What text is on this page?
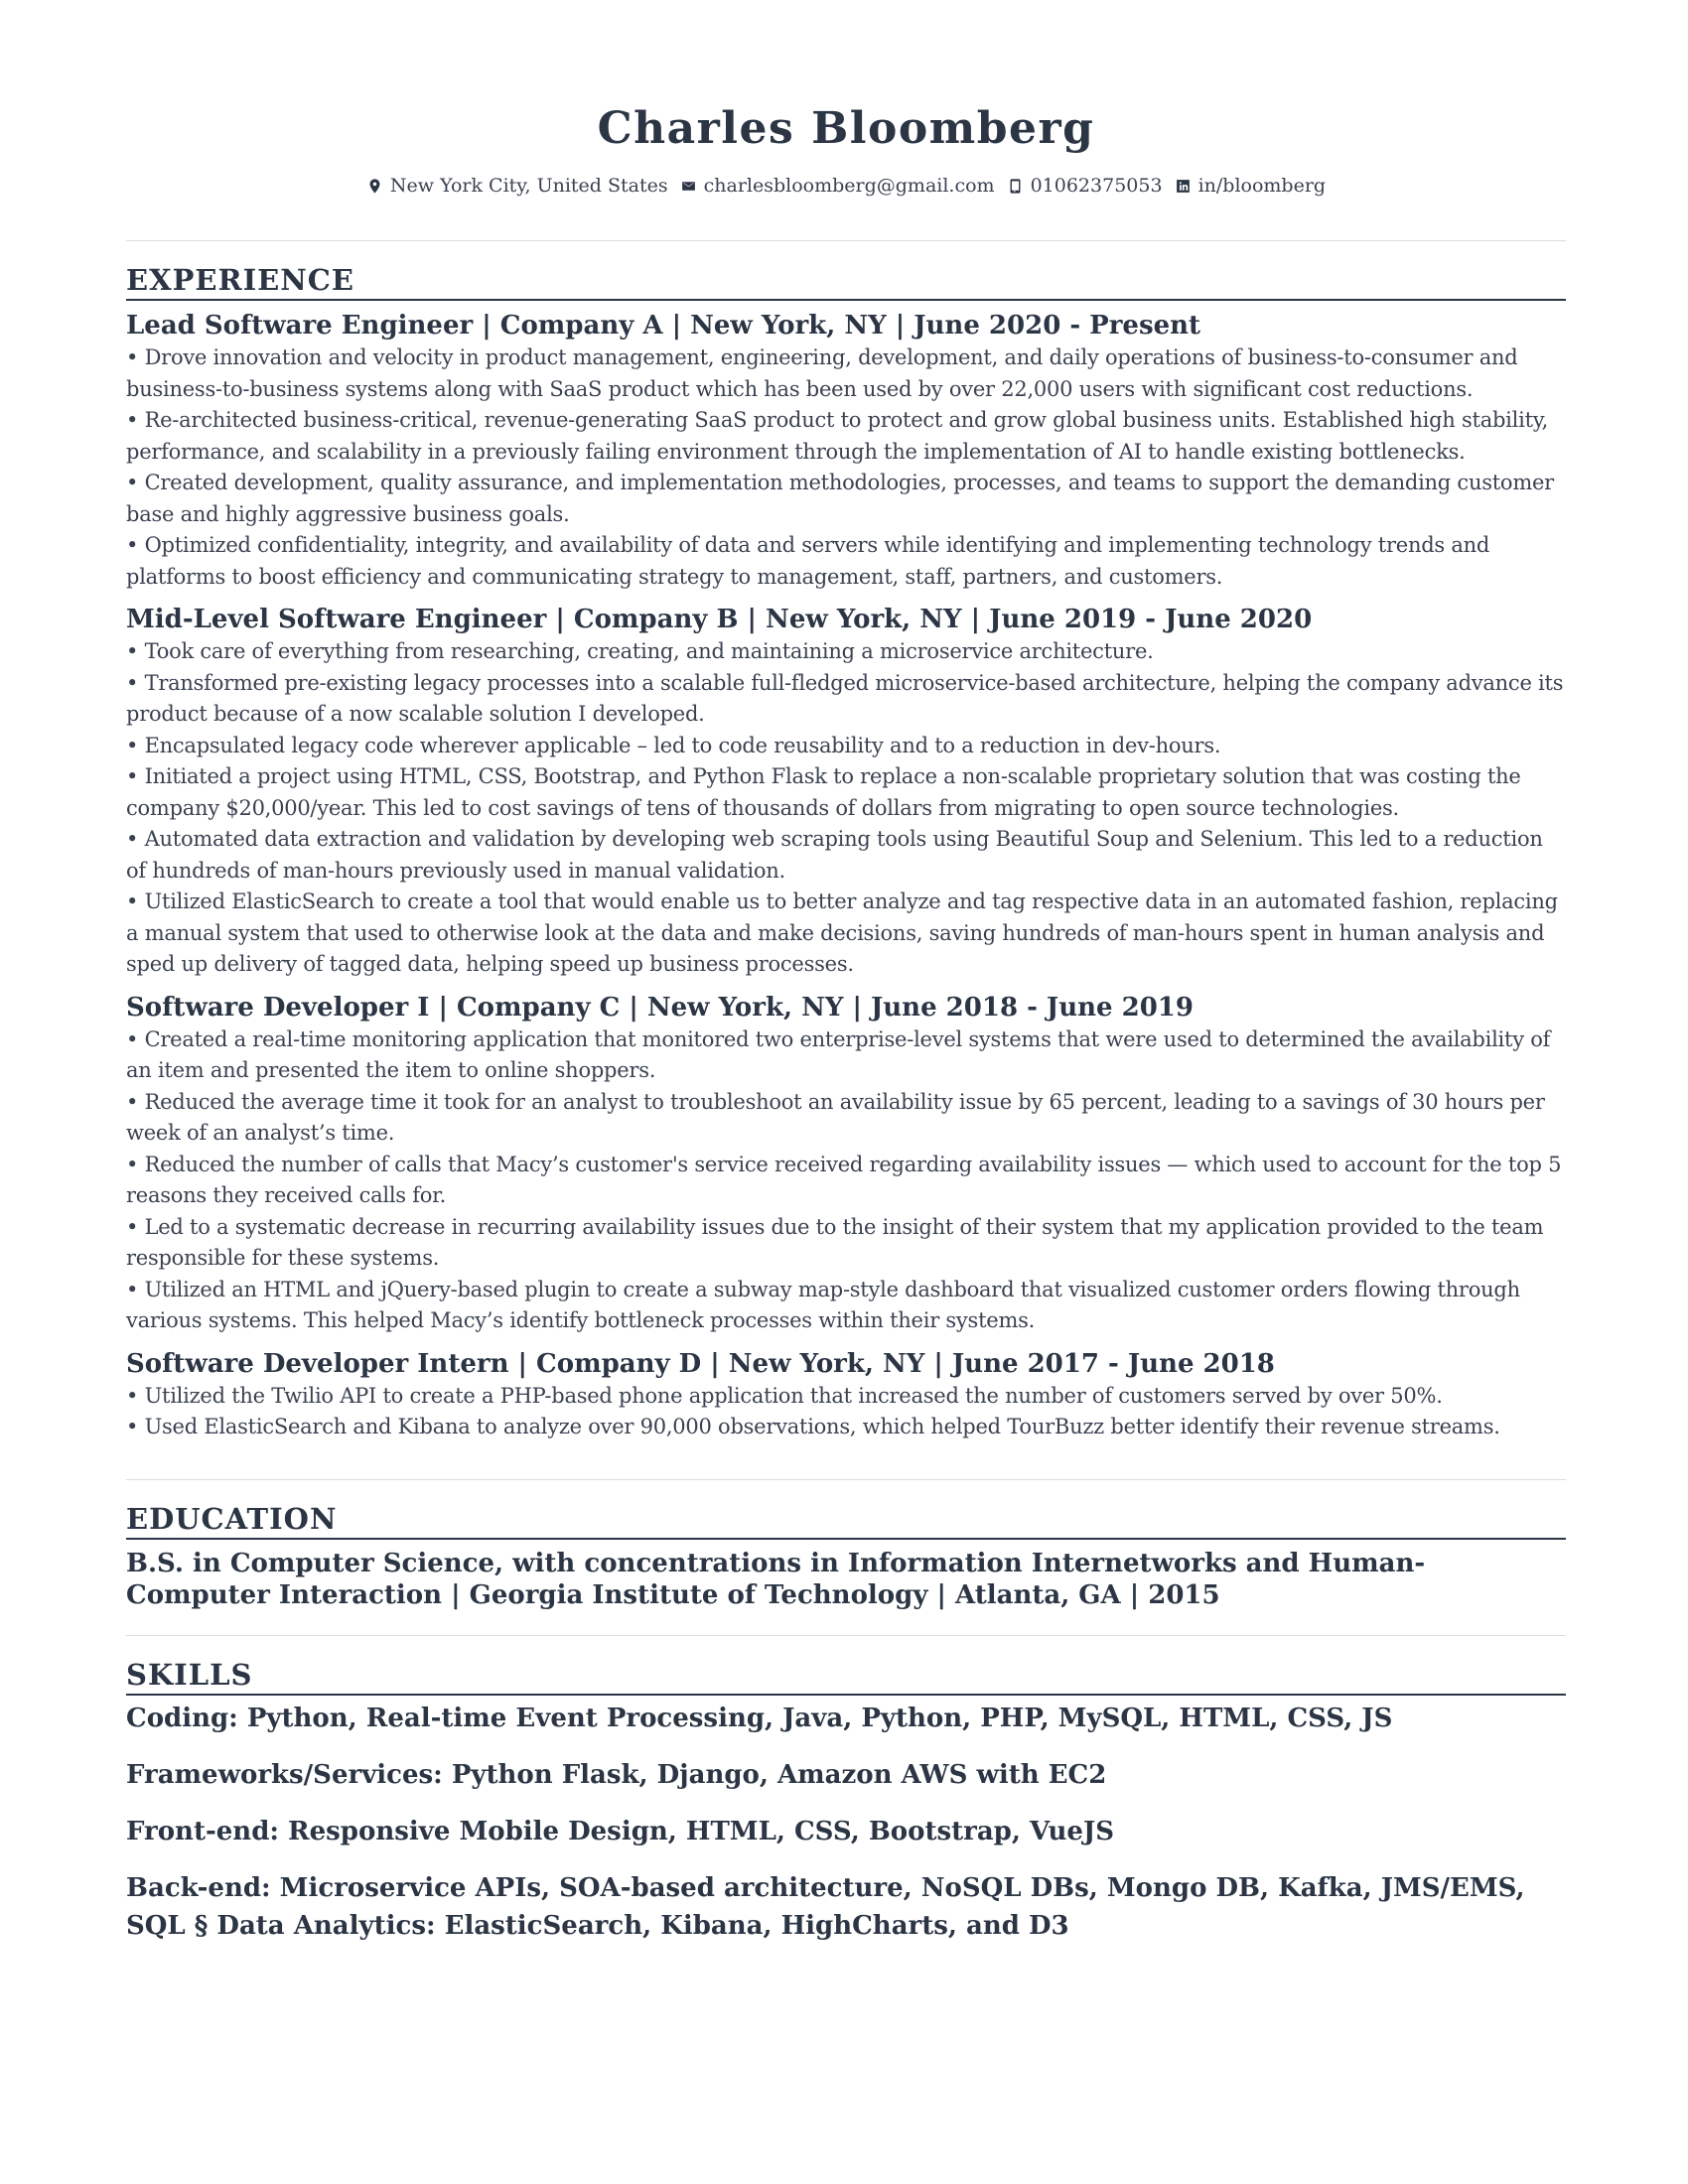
Charles Bloomberg
New York City, United States charlesbloomberg@gmail.com 01062375053 in/bloomberg
EXPERIENCE
Lead Software Engineer | Company A | New York, NY | June 2020 - Present
• Drove innovation and velocity in product management, engineering, development, and daily operations of business-to-consumer and business-to-business systems along with SaaS product which has been used by over 22,000 users with significant cost reductions.
• Re-architected business-critical, revenue-generating SaaS product to protect and grow global business units. Established high stability, performance, and scalability in a previously failing environment through the implementation of AI to handle existing bottlenecks.
• Created development, quality assurance, and implementation methodologies, processes, and teams to support the demanding customer base and highly aggressive business goals.
• Optimized confidentiality, integrity, and availability of data and servers while identifying and implementing technology trends and platforms to boost efficiency and communicating strategy to management, staff, partners, and customers.
Mid-Level Software Engineer | Company B | New York, NY | June 2019 - June 2020
• Took care of everything from researching, creating, and maintaining a microservice architecture.
• Transformed pre-existing legacy processes into a scalable full-fledged microservice-based architecture, helping the company advance its product because of a now scalable solution I developed.
• Encapsulated legacy code wherever applicable – led to code reusability and to a reduction in dev-hours.
• Initiated a project using HTML, CSS, Bootstrap, and Python Flask to replace a non-scalable proprietary solution that was costing the company $20,000/year. This led to cost savings of tens of thousands of dollars from migrating to open source technologies.
• Automated data extraction and validation by developing web scraping tools using Beautiful Soup and Selenium. This led to a reduction of hundreds of man-hours previously used in manual validation.
• Utilized ElasticSearch to create a tool that would enable us to better analyze and tag respective data in an automated fashion, replacing a manual system that used to otherwise look at the data and make decisions, saving hundreds of man-hours spent in human analysis and sped up delivery of tagged data, helping speed up business processes.
Software Developer I | Company C | New York, NY | June 2018 - June 2019
• Created a real-time monitoring application that monitored two enterprise-level systems that were used to determined the availability of an item and presented the item to online shoppers.
• Reduced the average time it took for an analyst to troubleshoot an availability issue by 65 percent, leading to a savings of 30 hours per week of an analyst’s time.
• Reduced the number of calls that Macy’s customer's service received regarding availability issues — which used to account for the top 5 reasons they received calls for.
• Led to a systematic decrease in recurring availability issues due to the insight of their system that my application provided to the team responsible for these systems.
• Utilized an HTML and jQuery-based plugin to create a subway map-style dashboard that visualized customer orders flowing through various systems. This helped Macy’s identify bottleneck processes within their systems.
Software Developer Intern | Company D | New York, NY | June 2017 - June 2018
• Utilized the Twilio API to create a PHP-based phone application that increased the number of customers served by over 50%.
• Used ElasticSearch and Kibana to analyze over 90,000 observations, which helped TourBuzz better identify their revenue streams.
EDUCATION
B.S. in Computer Science, with concentrations in Information Internetworks and Human-Computer Interaction | Georgia Institute of Technology | Atlanta, GA | 2015
SKILLS
Coding: Python, Real-time Event Processing, Java, Python, PHP, MySQL, HTML, CSS, JS
Frameworks/Services: Python Flask, Django, Amazon AWS with EC2
Front-end: Responsive Mobile Design, HTML, CSS, Bootstrap, VueJS
Back-end: Microservice APIs, SOA-based architecture, NoSQL DBs, Mongo DB, Kafka, JMS/EMS, SQL § Data Analytics: ElasticSearch, Kibana, HighCharts, and D3
